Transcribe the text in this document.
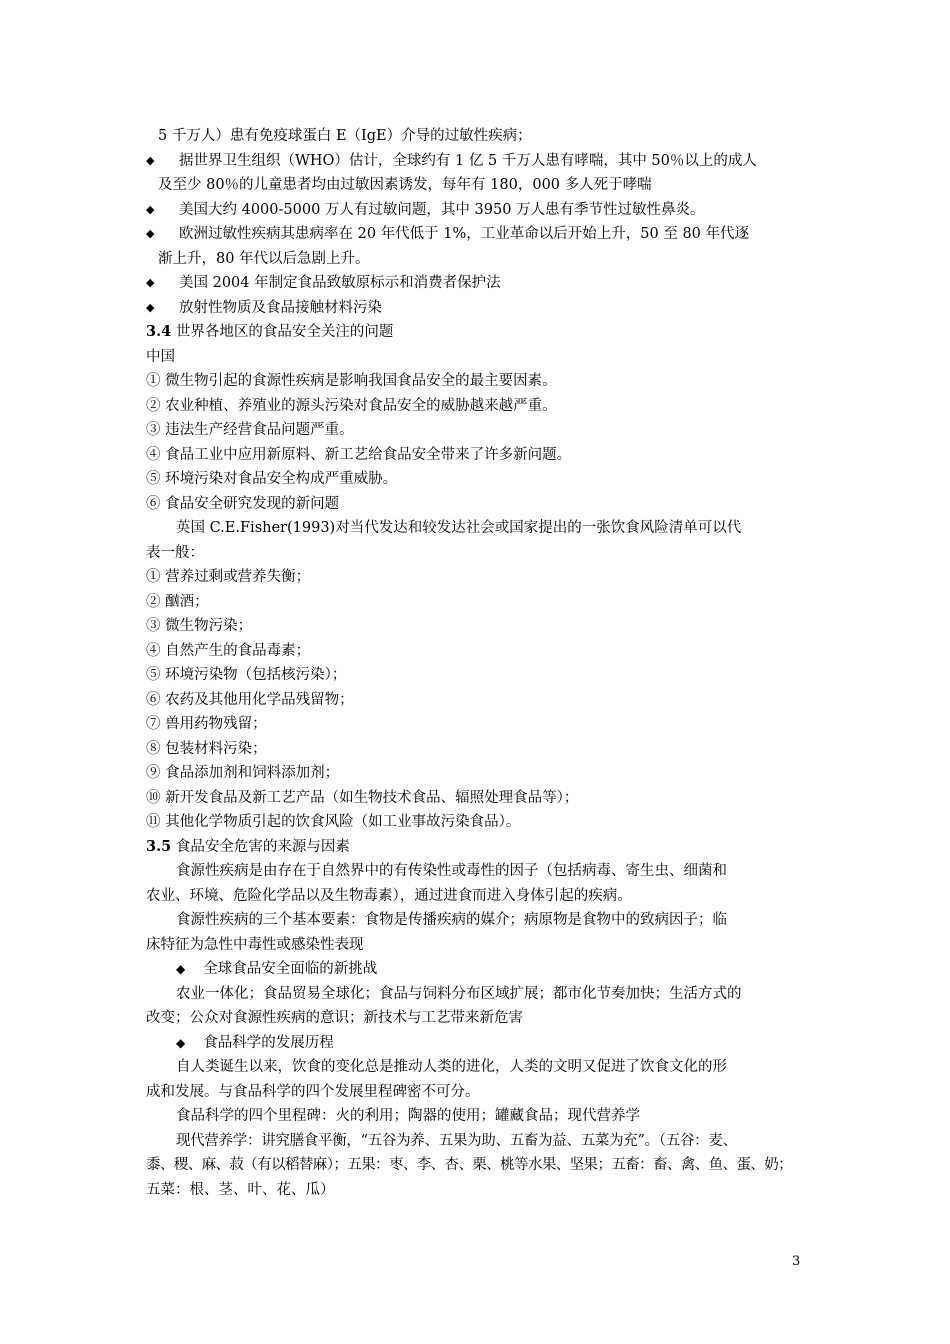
5 千万人）患有免疫球蛋白 E（IgE）介导的过敏性疾病；
◆ 据世界卫生组织（WHO）估计，全球约有 1 亿 5 千万人患有哮喘，其中 50％以上的成人
及至少 80％的儿童患者均由过敏因素诱发，每年有 180，000 多人死于哮喘
◆ 美国大约 4000-5000 万人有过敏问题，其中 3950 万人患有季节性过敏性鼻炎。
◆ 欧洲过敏性疾病其患病率在 20 年代低于 1%，工业革命以后开始上升，50 至 80 年代逐
渐上升，80 年代以后急剧上升。
◆ 美国 2004 年制定食品致敏原标示和消费者保护法
◆ 放射性物质及食品接触材料污染
3.4 世界各地区的食品安全关注的问题
中国
① 微生物引起的食源性疾病是影响我国食品安全的最主要因素。
② 农业种植、养殖业的源头污染对食品安全的威胁越来越严重。
③ 违法生产经营食品问题严重。
④ 食品工业中应用新原料、新工艺给食品安全带来了许多新问题。
⑤ 环境污染对食品安全构成严重威胁。
⑥ 食品安全研究发现的新问题
英国 C.E.Fisher(1993)对当代发达和较发达社会或国家提出的一张饮食风险清单可以代
表一般：
① 营养过剩或营养失衡；
② 酗酒；
③ 微生物污染；
④ 自然产生的食品毒素；
⑤ 环境污染物（包括核污染）；
⑥ 农药及其他用化学品残留物；
⑦ 兽用药物残留；
⑧ 包装材料污染；
⑨ 食品添加剂和饲料添加剂；
⑩ 新开发食品及新工艺产品（如生物技术食品、辐照处理食品等）；
⑪ 其他化学物质引起的饮食风险（如工业事故污染食品）。
3.5 食品安全危害的来源与因素
食源性疾病是由存在于自然界中的有传染性或毒性的因子（包括病毒、寄生虫、细菌和
农业、环境、危险化学品以及生物毒素），通过进食而进入身体引起的疾病。
食源性疾病的三个基本要素：食物是传播疾病的媒介；病原物是食物中的致病因子；临
床特征为急性中毒性或感染性表现
◆ 全球食品安全面临的新挑战
农业一体化；食品贸易全球化；食品与饲料分布区域扩展；都市化节奏加快；生活方式的
改变；公众对食源性疾病的意识；新技术与工艺带来新危害
◆ 食品科学的发展历程
自人类诞生以来，饮食的变化总是推动人类的进化，人类的文明又促进了饮食文化的形
成和发展。与食品科学的四个发展里程碑密不可分。
食品科学的四个里程碑：火的利用；陶器的使用；罐藏食品；现代营养学
现代营养学：讲究膳食平衡，“五谷为养、五果为助、五畜为益、五菜为充”。（五谷：麦、
黍、稷、麻、菽（有以稻替麻）；五果：枣、李、杏、栗、桃等水果、坚果；五畜：畜、禽、鱼、蛋、奶；
五菜：根、茎、叶、花、瓜）
3
